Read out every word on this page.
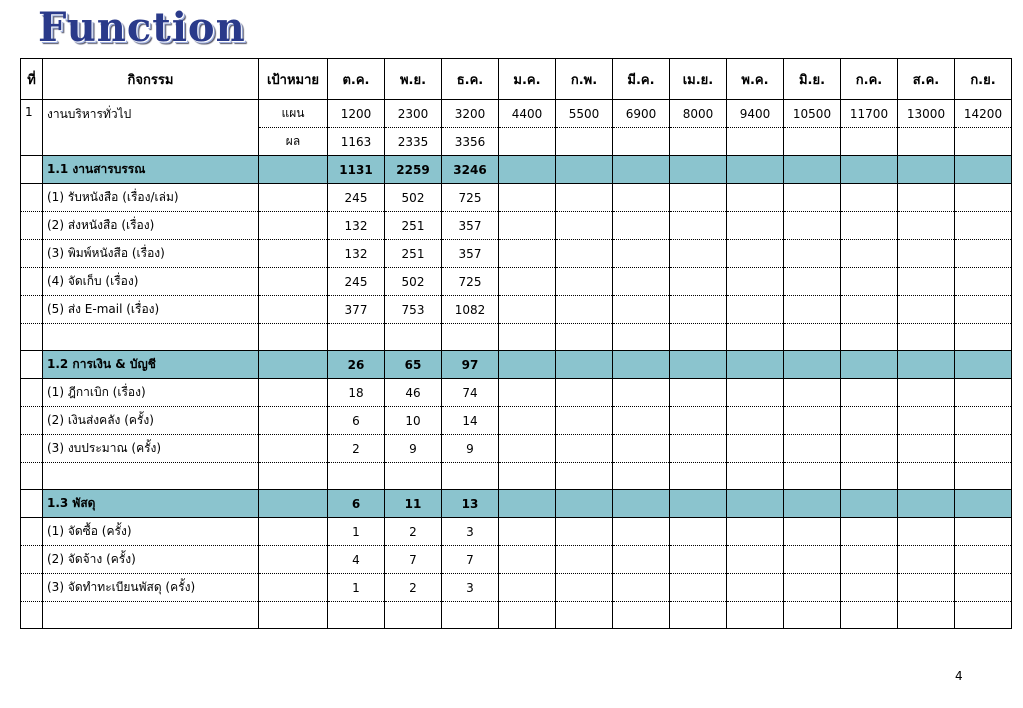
Function
ที่	กิจกรรม	เป้าหมาย	ต.ค.	พ.ย.	ธ.ค.	ม.ค.	ก.พ.	มี.ค.	เม.ย.	พ.ค.	มิ.ย.	ก.ค.	ส.ค.	ก.ย.
1	งานบริหารทั่วไป	แผน	1200	2300	3200	4400	5500	6900	8000	9400	10500	11700	13000	14200
		ผล	1163	2335	3356									
	1.1 งานสารบรรณ		1131	2259	3246									
	(1) รับหนังสือ (เรื่อง/เล่ม)		245	502	725									
	(2) ส่งหนังสือ (เรื่อง)		132	251	357									
	(3) พิมพ์หนังสือ (เรื่อง)		132	251	357									
	(4) จัดเก็บ (เรื่อง)		245	502	725									
	(5) ส่ง E-mail (เรื่อง)		377	753	1082									

	1.2 การเงิน & บัญชี		26	65	97									
	(1) ฎีกาเบิก (เรื่อง)		18	46	74									
	(2) เงินส่งคลัง (ครั้ง)		6	10	14									
	(3) งบประมาณ (ครั้ง)		2	9	9									

	1.3 พัสดุ		6	11	13									
	(1) จัดซื้อ (ครั้ง)		1	2	3									
	(2) จัดจ้าง (ครั้ง)		4	7	7									
	(3) จัดทำทะเบียนพัสดุ (ครั้ง)		1	2	3									

4
